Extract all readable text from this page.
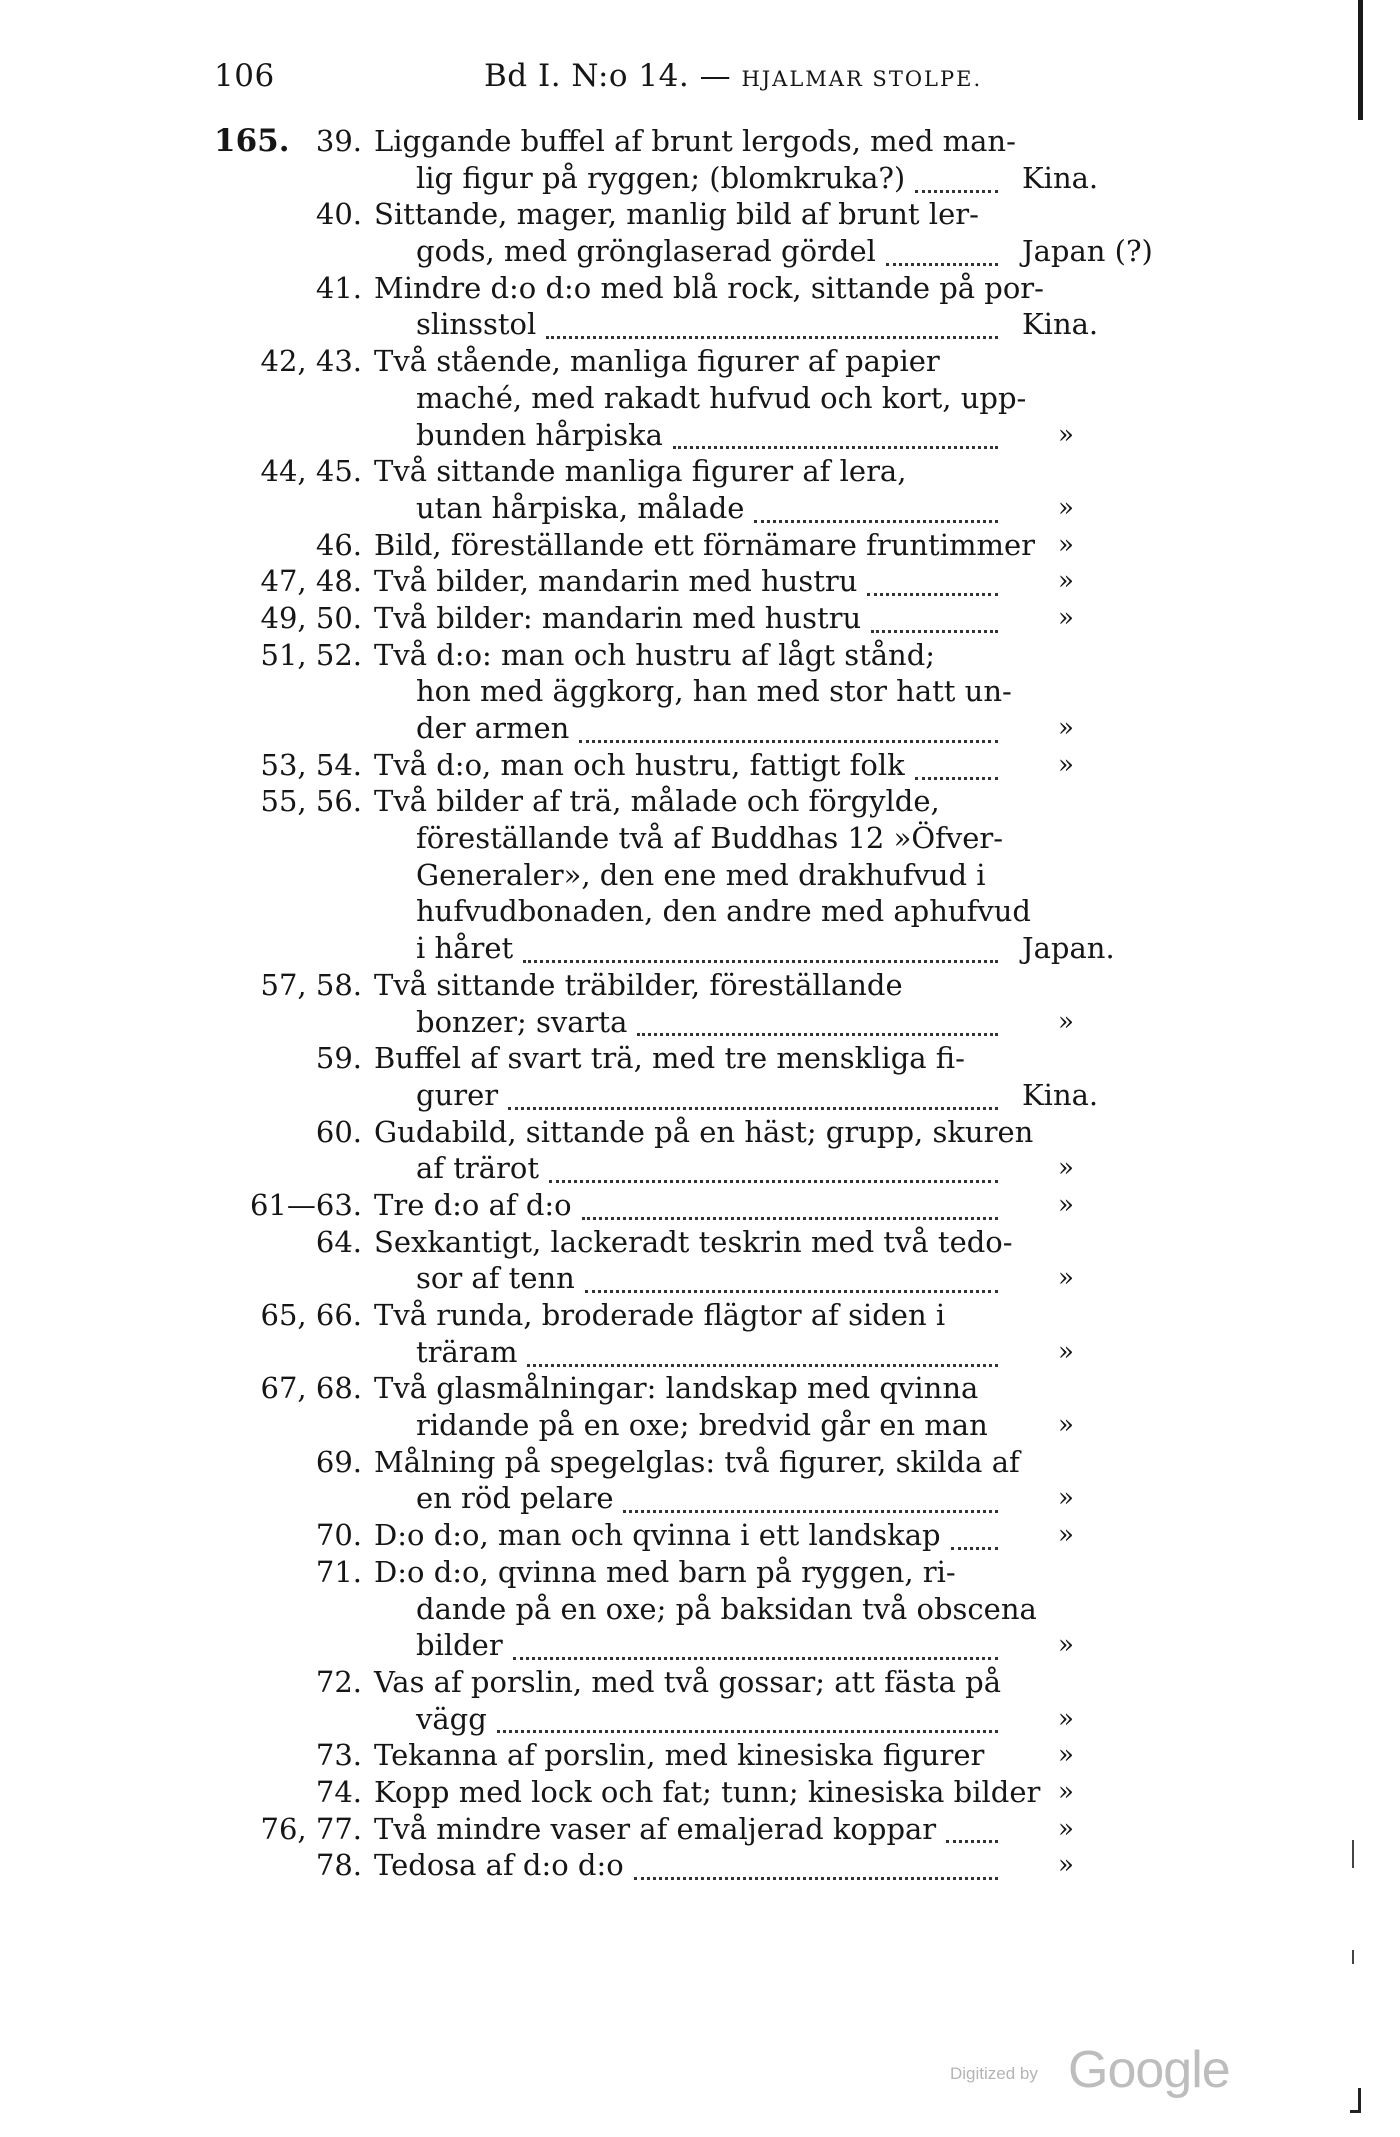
106	Bd I. N:o 14. — HJALMAR STOLPE.
165. 39. Liggande buffel af brunt lergods, med man-
lig figur på ryggen; (blomkruka?)	Kina.
40. Sittande, mager, manlig bild af brunt ler-
gods, med grönglaserad gördel	Japan (?)
41. Mindre d:o d:o med blå rock, sittande på por-
slinsstol	Kina.
42, 43. Två stående, manliga figurer af papier
maché, med rakadt hufvud och kort, upp-
bunden hårpiska	»
44, 45. Två sittande manliga figurer af lera,
utan hårpiska, målade	»
46. Bild, föreställande ett förnämare fruntimmer »
47, 48. Två bilder, mandarin med hustru	»
49, 50. Två bilder: mandarin med hustru	»
51, 52. Två d:o: man och hustru af lågt stånd;
hon med äggkorg, han med stor hatt un-
der armen	»
53, 54. Två d:o, man och hustru, fattigt folk	»
55, 56. Två bilder af trä, målade och förgylde,
föreställande två af Buddhas 12 »Öfver-
Generaler», den ene med drakhufvud i
hufvudbonaden, den andre med aphufvud
i håret	Japan.
57, 58. Två sittande träbilder, föreställande
bonzer; svarta	»
59. Buffel af svart trä, med tre menskliga fi-
gurer	Kina.
60. Gudabild, sittande på en häst; grupp, skuren
af trärot	»
61—63. Tre d:o af d:o	»
64. Sexkantigt, lackeradt teskrin med två tedo-
sor af tenn	»
65, 66. Två runda, broderade flägtor af siden i
träram	»
67, 68. Två glasmålningar: landskap med qvinna
ridande på en oxe; bredvid går en man	»
69. Målning på spegelglas: två figurer, skilda af
en röd pelare	»
70. D:o d:o, man och qvinna i ett landskap	»
71. D:o d:o, qvinna med barn på ryggen, ri-
dande på en oxe; på baksidan två obscena
bilder	»
72. Vas af porslin, med två gossar; att fästa på
vägg	»
73. Tekanna af porslin, med kinesiska figurer	»
74. Kopp med lock och fat; tunn; kinesiska bilder »
76, 77. Två mindre vaser af emaljerad koppar	»
78. Tedosa af d:o d:o	»
Digitized by Google
